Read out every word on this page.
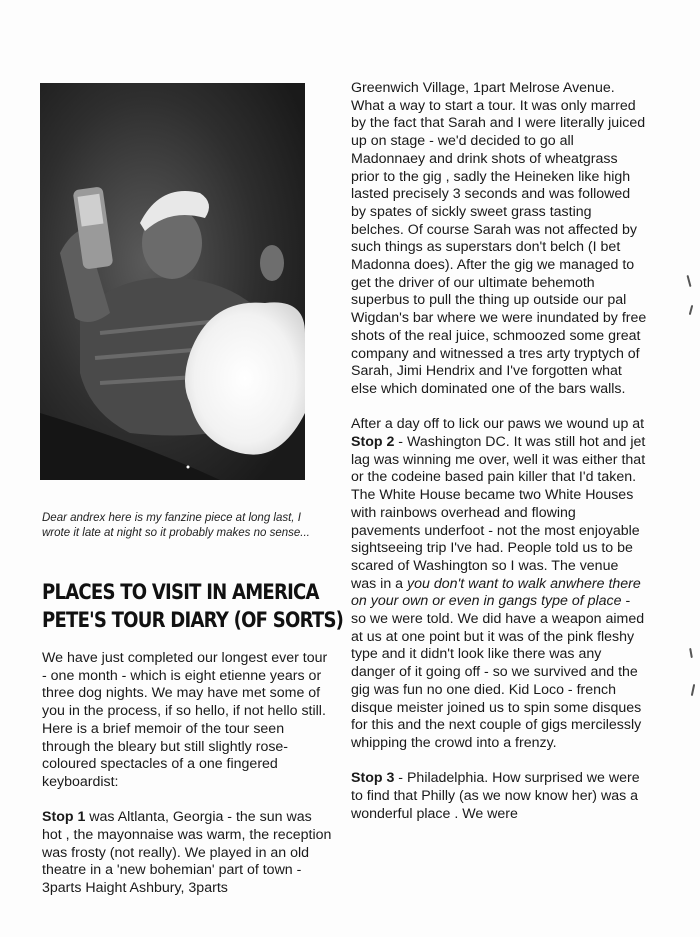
Dear andrex here is my fanzine piece at long last, I wrote it late at night so it probably makes no sense...
PLACES TO VISIT IN AMERICA
PETE'S TOUR DIARY (OF SORTS)

We have just completed our longest ever tour - one month - which is eight etienne years or three dog nights. We may have met some of you in the process, if so hello, if not hello still. Here is a brief memoir of the tour seen through the bleary but still slightly rose-coloured spectacles of a one fingered keyboardist:

Stop 1 was Altlanta, Georgia - the sun was hot , the mayonnaise was warm, the reception was frosty (not really). We played in an old theatre in a 'new bohemian' part of town - 3parts Haight Ashbury, 3parts

Greenwich Village, 1part Melrose Avenue. What a way to start a tour. It was only marred by the fact that Sarah and I were literally juiced up on stage - we'd decided to go all Madonnaey and drink shots of wheatgrass prior to the gig , sadly the Heineken like high lasted precisely 3 seconds and was followed by spates of sickly sweet grass tasting belches. Of course Sarah was not affected by such things as superstars don't belch (I bet Madonna does). After the gig we managed to get the driver of our ultimate behemoth superbus to pull the thing up outside our pal Wigdan's bar where we were inundated by free shots of the real juice, schmoozed some great company and witnessed a tres arty tryptych of Sarah, Jimi Hendrix and I've forgotten what else which dominated one of the bars walls.

After a day off to lick our paws we wound up at Stop 2 - Washington DC. It was still hot and jet lag was winning me over, well it was either that or the codeine based pain killer that I'd taken. The White House became two White Houses with rainbows overhead and flowing pavements underfoot - not the most enjoyable sightseeing trip I've had. People told us to be scared of Washington so I was. The venue was in a you don't want to walk anwhere there on your own or even in gangs type of place - so we were told. We did have a weapon aimed at us at one point but it was of the pink fleshy type and it didn't look like there was any danger of it going off - so we survived and the gig was fun no one died. Kid Loco - french disque meister joined us to spin some disques for this and the next couple of gigs mercilessly whipping the crowd into a frenzy.

Stop 3 - Philadelphia. How surprised we were to find that Philly (as we now know her) was a wonderful place . We were
